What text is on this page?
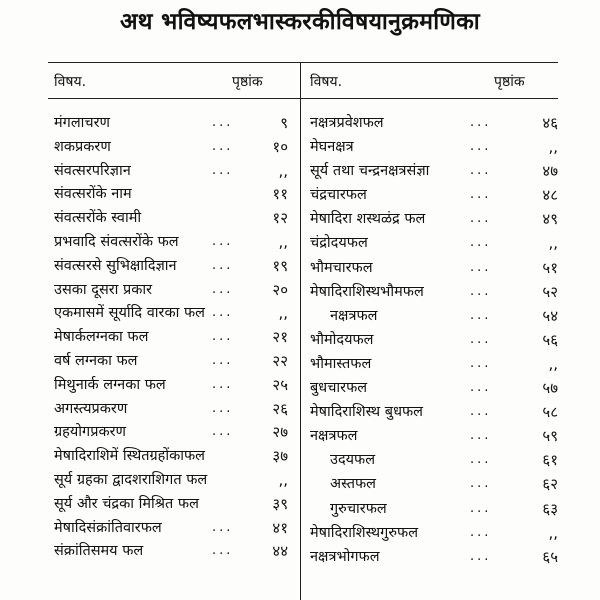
अथ भविष्यफलभास्करकीविषयानुक्रमणिका
विषय.	पृष्ठांक	विषय.	पृष्ठांक
मंगलाचरण	...	९
शकप्रकरण	...	१०
संवत्सरपरिज्ञान	...	,,
संवत्सरोंके नाम	११
संवत्सरोंके स्वामी	१२
प्रभवादि संवत्सरोंके फल	...	,,
संवत्सरसे सुभिक्षादिज्ञान	...	१९
उसका दूसरा प्रकार	...	२०
एकमासमें सूर्यादि वारका फल ...	,,
मेषार्कलग्नका फल	...	२१
वर्ष लग्नका फल	...	२२
मिथुनार्क लग्नका फल	...	२५
अगस्त्यप्रकरण	...	२६
ग्रहयोगप्रकरण	...	२७
मेषादिराशिमें स्थितग्रहोंकाफल	३७
सूर्य ग्रहका द्वादशराशिगत फल	,,
सूर्य और चंद्रका मिश्रित फल	३९
मेषादिसंक्रांतिवारफल	...	४१
संक्रांतिसमय फल	...	४४
नक्षत्रप्रवेशफल	...	४६
मेघनक्षत्र	...	,,
सूर्य तथा चन्द्रनक्षत्रसंज्ञा	...	४७
चंद्रचारफल	...	४८
मेषादिरा शस्थळंद्र फल	...	४९
चंद्रोदयफल	...	,,
भौमचारफल	...	५१
मेषादिराशिस्थभौमफल	...	५२
नक्षत्रफल	...	५४
भौमोदयफल	...	५६
भौमास्तफल	...	,,
बुधचारफल	...	५७
मेषादिराशिस्थ बुधफल	...	५८
नक्षत्रफल	...	५९
उदयफल	...	६१
अस्तफल	...	६२
गुरुचारफल	...	६३
मेषादिराशिस्थगुरुफल	...	,,
नक्षत्रभोगफल	...	६५
